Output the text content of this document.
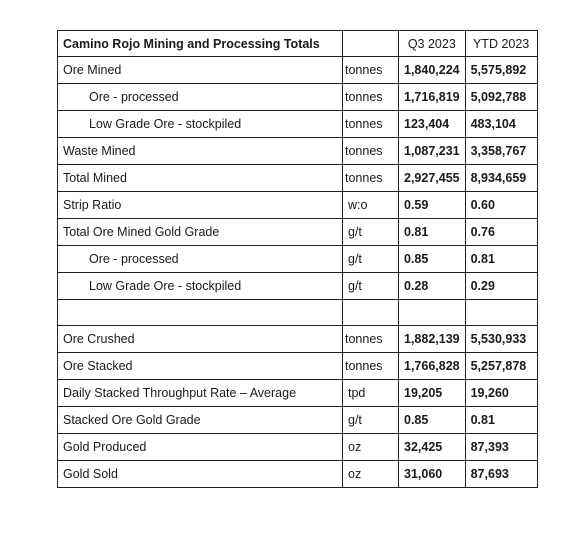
Camino Rojo Mining and Processing Totals		Q3 2023	YTD 2023
Ore Mined	tonnes	1,840,224	5,575,892
Ore - processed	tonnes	1,716,819	5,092,788
Low Grade Ore - stockpiled	tonnes	123,404	483,104
Waste Mined	tonnes	1,087,231	3,358,767
Total Mined	tonnes	2,927,455	8,934,659
Strip Ratio	w:o	0.59	0.60
Total Ore Mined Gold Grade	g/t	0.81	0.76
Ore - processed	g/t	0.85	0.81
Low Grade Ore - stockpiled	g/t	0.28	0.29

Ore Crushed	tonnes	1,882,139	5,530,933
Ore Stacked	tonnes	1,766,828	5,257,878
Daily Stacked Throughput Rate – Average	tpd	19,205	19,260
Stacked Ore Gold Grade	g/t	0.85	0.81
Gold Produced	oz	32,425	87,393
Gold Sold	oz	31,060	87,693
